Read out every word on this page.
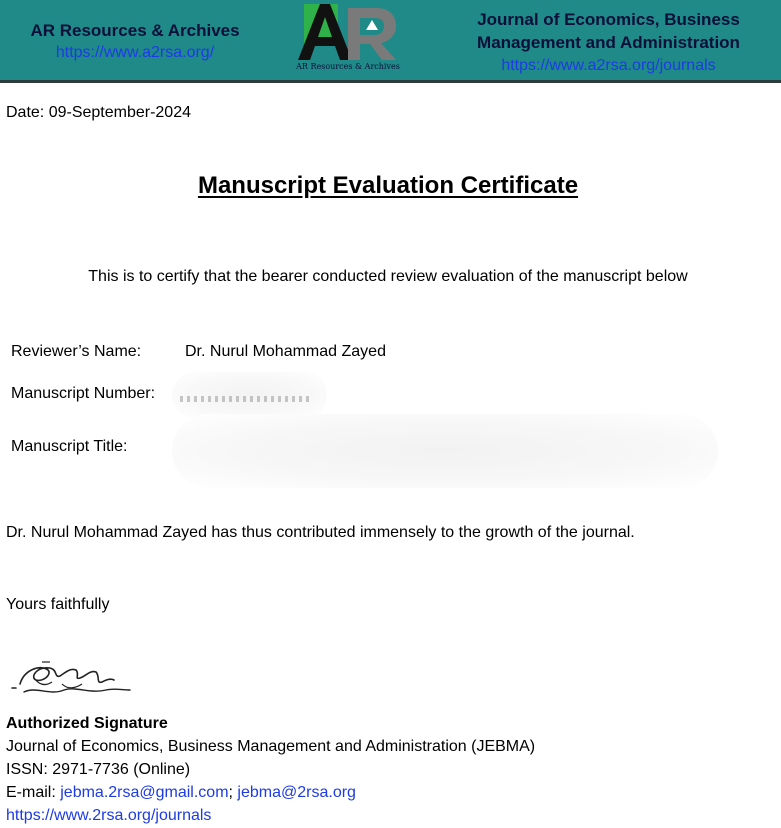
AR Resources & Archives
https://www.a2rsa.org/
AR Resources & Archives
Journal of Economics, Business
Management and Administration
https://www.a2rsa.org/journals
Date: 09-September-2024
Manuscript Evaluation Certificate
This is to certify that the bearer conducted review evaluation of the manuscript below
Reviewer’s Name:	Dr. Nurul Mohammad Zayed
Manuscript Number:
Manuscript Title:
Dr. Nurul Mohammad Zayed has thus contributed immensely to the growth of the journal.
Yours faithfully
Authorized Signature
Journal of Economics, Business Management and Administration (JEBMA)
ISSN: 2971-7736 (Online)
E-mail: jebma.2rsa@gmail.com; jebma@2rsa.org
https://www.2rsa.org/journals
